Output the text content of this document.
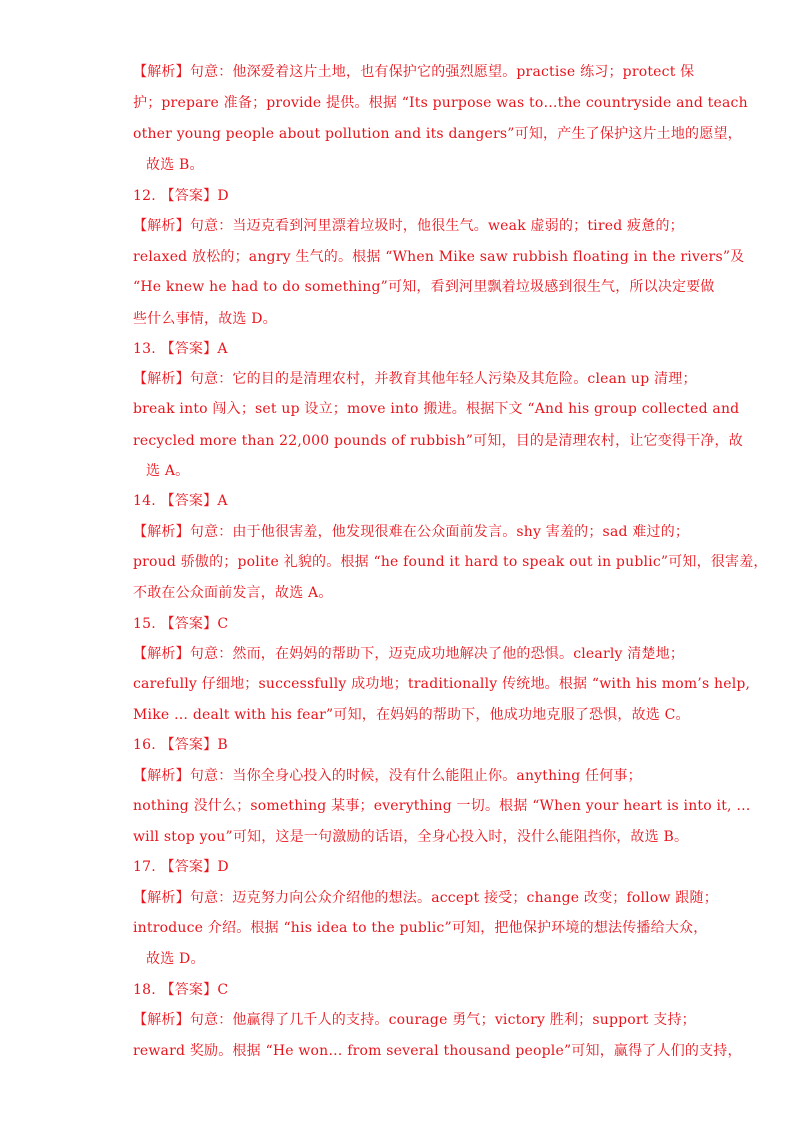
【解析】句意：他深爱着这片土地，也有保护它的强烈愿望。practise 练习；protect 保
护；prepare 准备；provide 提供。根据 “Its purpose was to…the countryside and teach
other young people about pollution and its dangers”可知，产生了保护这片土地的愿望，
故选 B。
12. 【答案】D
【解析】句意：当迈克看到河里漂着垃圾时，他很生气。weak 虚弱的；tired 疲惫的；
relaxed 放松的；angry 生气的。根据 “When Mike saw rubbish floating in the rivers”及
“He knew he had to do something”可知，看到河里飘着垃圾感到很生气，所以决定要做
些什么事情，故选 D。
13. 【答案】A
【解析】句意：它的目的是清理农村，并教育其他年轻人污染及其危险。clean up 清理；
break into 闯入；set up 设立；move into 搬进。根据下文 “And his group collected and
recycled more than 22,000 pounds of rubbish”可知，目的是清理农村，让它变得干净，故
选 A。
14. 【答案】A
【解析】句意：由于他很害羞，他发现很难在公众面前发言。shy 害羞的；sad 难过的；
proud 骄傲的；polite 礼貌的。根据 “he found it hard to speak out in public”可知，很害羞，
不敢在公众面前发言，故选 A。
15. 【答案】C
【解析】句意：然而，在妈妈的帮助下，迈克成功地解决了他的恐惧。clearly 清楚地；
carefully 仔细地；successfully 成功地；traditionally 传统地。根据 “with his mom’s help,
Mike … dealt with his fear”可知，在妈妈的帮助下，他成功地克服了恐惧，故选 C。
16. 【答案】B
【解析】句意：当你全身心投入的时候，没有什么能阻止你。anything 任何事；
nothing 没什么；something 某事；everything 一切。根据 “When your heart is into it, …
will stop you”可知，这是一句激励的话语，全身心投入时，没什么能阻挡你，故选 B。
17. 【答案】D
【解析】句意：迈克努力向公众介绍他的想法。accept 接受；change 改变；follow 跟随；
introduce 介绍。根据 “his idea to the public”可知，把他保护环境的想法传播给大众，
故选 D。
18. 【答案】C
【解析】句意：他赢得了几千人的支持。courage 勇气；victory 胜利；support 支持；
reward 奖励。根据 “He won… from several thousand people”可知，赢得了人们的支持，
